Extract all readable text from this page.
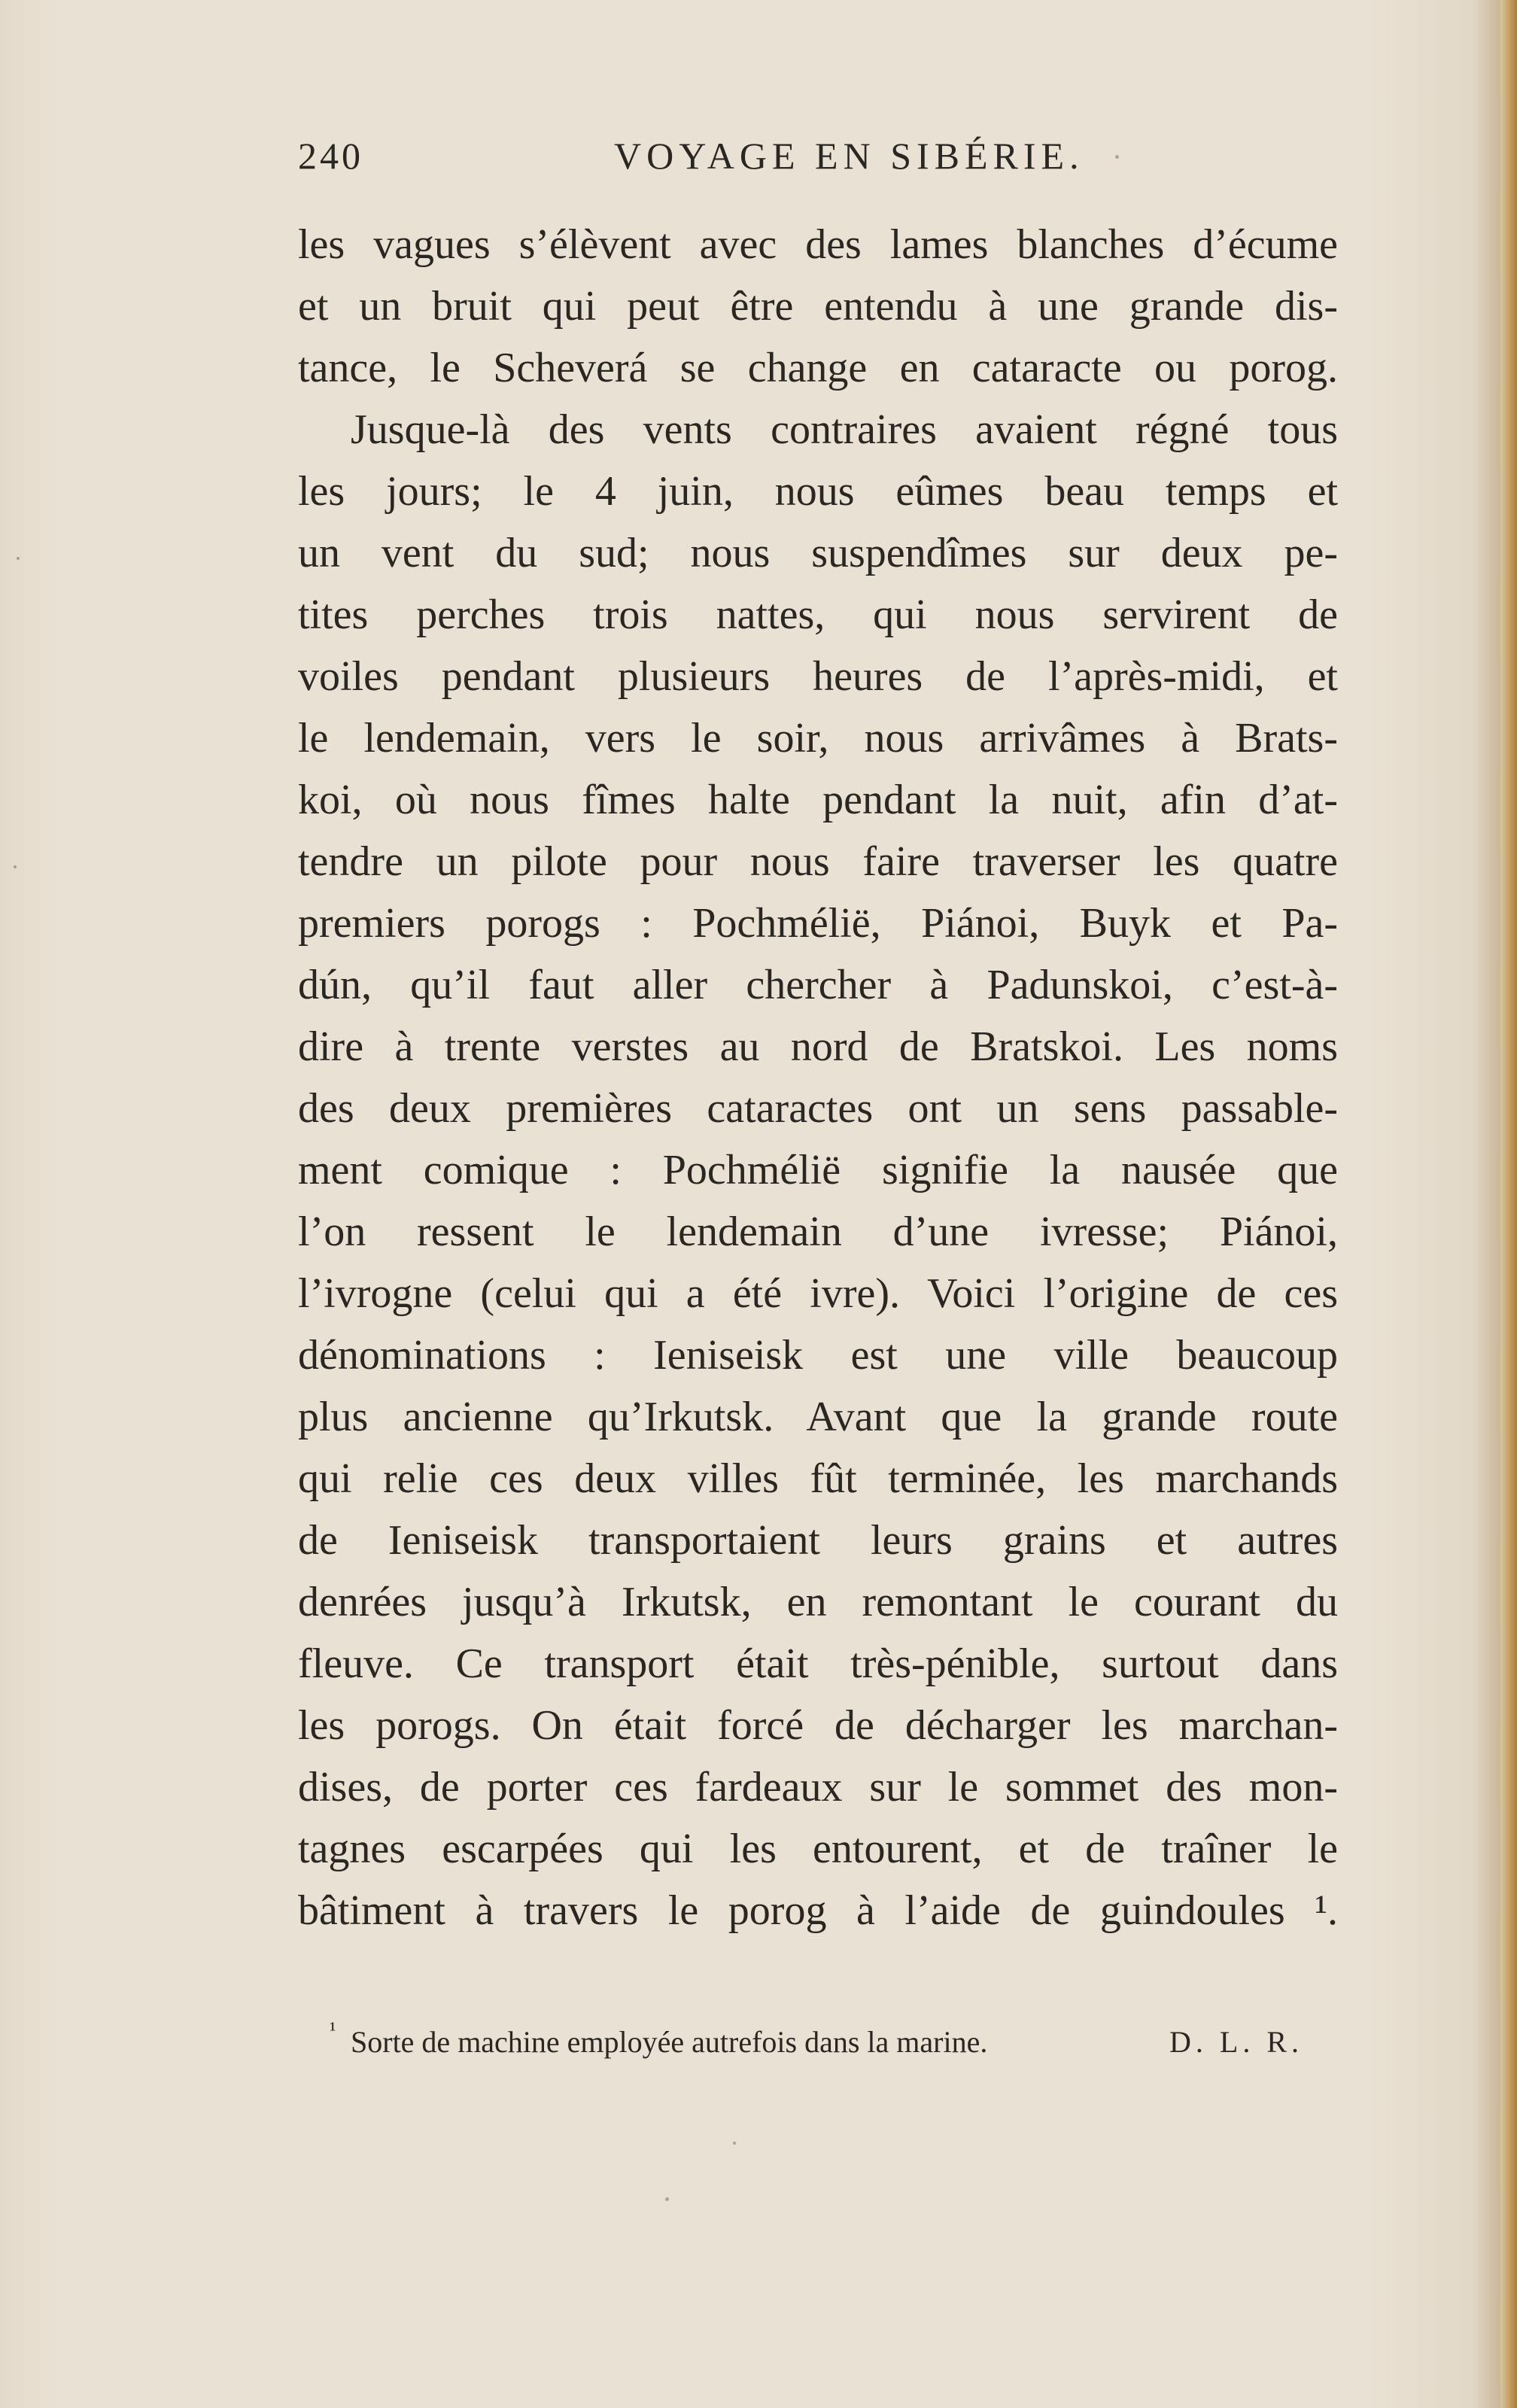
240	VOYAGE EN SIBÉRIE.
les vagues s’élèvent avec des lames blanches d’écume
et un bruit qui peut être entendu à une grande dis-
tance, le Scheverá se change en cataracte ou porog.
Jusque-là des vents contraires avaient régné tous
les jours; le 4 juin, nous eûmes beau temps et
un vent du sud; nous suspendîmes sur deux pe-
tites perches trois nattes, qui nous servirent de
voiles pendant plusieurs heures de l’après-midi, et
le lendemain, vers le soir, nous arrivâmes à Brats-
koi, où nous fîmes halte pendant la nuit, afin d’at-
tendre un pilote pour nous faire traverser les quatre
premiers porogs : Pochméliё, Piánoi, Buyk et Pa-
dún, qu’il faut aller chercher à Padunskoi, c’est-à-
dire à trente verstes au nord de Bratskoi. Les noms
des deux premières cataractes ont un sens passable-
ment comique : Pochméliё signifie la nausée que
l’on ressent le lendemain d’une ivresse; Piánoi,
l’ivrogne (celui qui a été ivre). Voici l’origine de ces
dénominations : Ieniseisk est une ville beaucoup
plus ancienne qu’Irkutsk. Avant que la grande route
qui relie ces deux villes fût terminée, les marchands
de Ieniseisk transportaient leurs grains et autres
denrées jusqu’à Irkutsk, en remontant le courant du
fleuve. Ce transport était très-pénible, surtout dans
les porogs. On était forcé de décharger les marchan-
dises, de porter ces fardeaux sur le sommet des mon-
tagnes escarpées qui les entourent, et de traîner le
bâtiment à travers le porog à l’aide de guindoules ¹.
¹ Sorte de machine employée autrefois dans la marine.	D. L. R.
